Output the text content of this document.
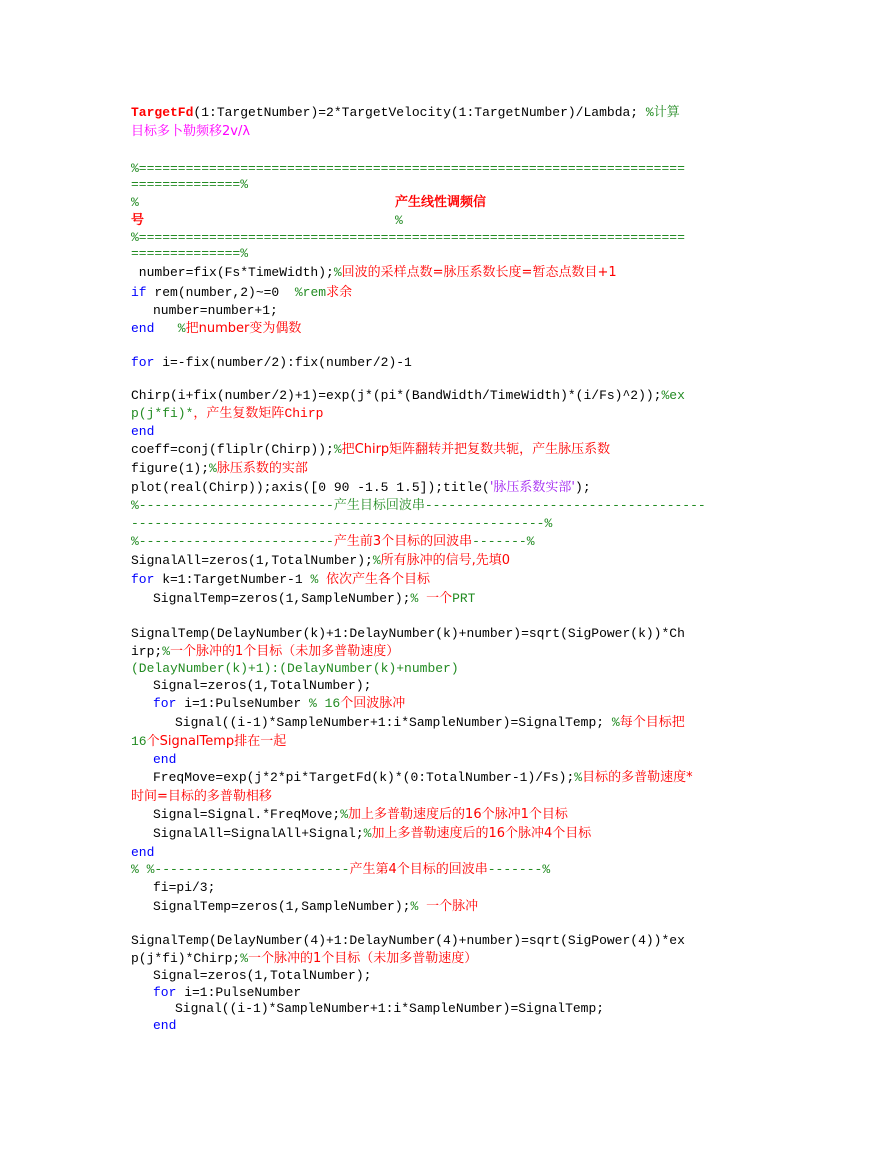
TargetFd(1:TargetNumber)=2*TargetVelocity(1:TargetNumber)/Lambda; %计算
目标多卜勒频移2v/λ
%======================================================================
==============%
%	产生线性调频信
号	%
%======================================================================
==============%
number=fix(Fs*TimeWidth);%回波的采样点数=脉压系数长度=暂态点数目+1
if rem(number,2)~=0  %rem求余
number=number+1;
end   %把number变为偶数
for i=-fix(number/2):fix(number/2)-1
Chirp(i+fix(number/2)+1)=exp(j*(pi*(BandWidth/TimeWidth)*(i/Fs)^2));%ex
p(j*fi)*，产生复数矩阵Chirp
end
coeff=conj(fliplr(Chirp));%把Chirp矩阵翻转并把复数共轭，产生脉压系数
figure(1);%脉压系数的实部
plot(real(Chirp));axis([0 90 -1.5 1.5]);title('脉压系数实部');
%-------------------------产生目标回波串------------------------------------
-----------------------------------------------------%
%-------------------------产生前3个目标的回波串-------%
SignalAll=zeros(1,TotalNumber);%所有脉冲的信号,先填0
for k=1:TargetNumber-1 % 依次产生各个目标
SignalTemp=zeros(1,SampleNumber);% 一个PRT
SignalTemp(DelayNumber(k)+1:DelayNumber(k)+number)=sqrt(SigPower(k))*Ch
irp;%一个脉冲的1个目标（未加多普勒速度）
(DelayNumber(k)+1):(DelayNumber(k)+number)
Signal=zeros(1,TotalNumber);
for i=1:PulseNumber % 16个回波脉冲
Signal((i-1)*SampleNumber+1:i*SampleNumber)=SignalTemp; %每个目标把
16个SignalTemp排在一起
end
FreqMove=exp(j*2*pi*TargetFd(k)*(0:TotalNumber-1)/Fs);%目标的多普勒速度*
时间=目标的多普勒相移
Signal=Signal.*FreqMove;%加上多普勒速度后的16个脉冲1个目标
SignalAll=SignalAll+Signal;%加上多普勒速度后的16个脉冲4个目标
end
% %-------------------------产生第4个目标的回波串-------%
fi=pi/3;
SignalTemp=zeros(1,SampleNumber);% 一个脉冲
SignalTemp(DelayNumber(4)+1:DelayNumber(4)+number)=sqrt(SigPower(4))*ex
p(j*fi)*Chirp;%一个脉冲的1个目标（未加多普勒速度）
Signal=zeros(1,TotalNumber);
for i=1:PulseNumber
Signal((i-1)*SampleNumber+1:i*SampleNumber)=SignalTemp;
end
